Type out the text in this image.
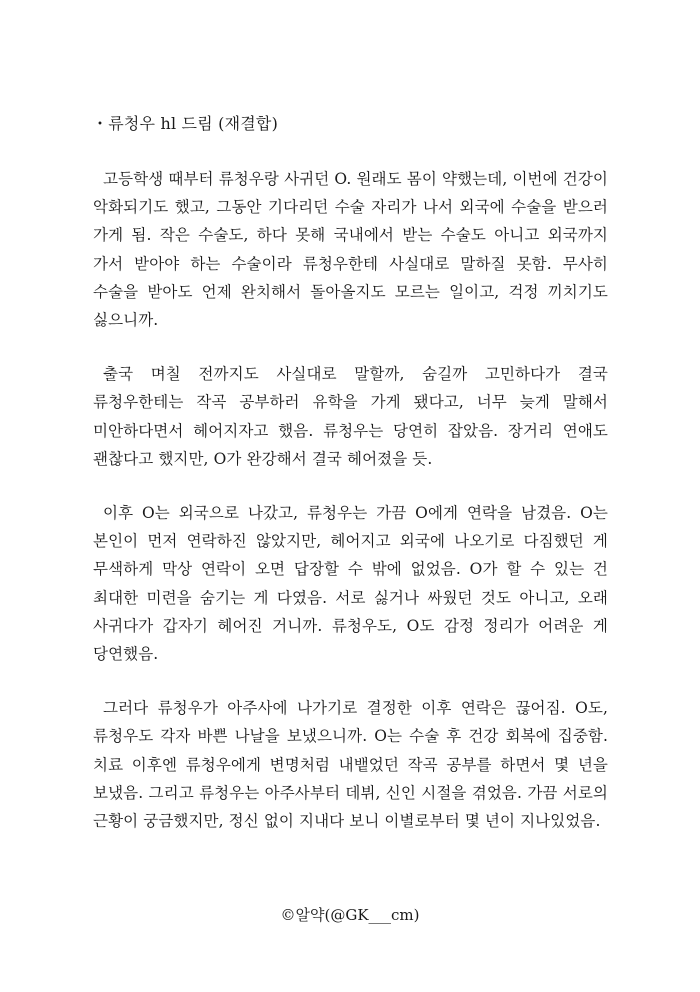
・류청우 hl 드림 (재결합)

고등학생 때부터 류청우랑 사귀던 O. 원래도 몸이 약했는데, 이번에 건강이 악화되기도 했고, 그동안 기다리던 수술 자리가 나서 외국에 수술을 받으러 가게 됨. 작은 수술도, 하다 못해 국내에서 받는 수술도 아니고 외국까지 가서 받아야 하는 수술이라 류청우한테 사실대로 말하질 못함. 무사히 수술을 받아도 언제 완치해서 돌아올지도 모르는 일이고, 걱정 끼치기도 싫으니까.

출국 며칠 전까지도 사실대로 말할까, 숨길까 고민하다가 결국 류청우한테는 작곡 공부하러 유학을 가게 됐다고, 너무 늦게 말해서 미안하다면서 헤어지자고 했음. 류청우는 당연히 잡았음. 장거리 연애도 괜찮다고 했지만, O가 완강해서 결국 헤어졌을 듯.

이후 O는 외국으로 나갔고, 류청우는 가끔 O에게 연락을 남겼음. O는 본인이 먼저 연락하진 않았지만, 헤어지고 외국에 나오기로 다짐했던 게 무색하게 막상 연락이 오면 답장할 수 밖에 없었음. O가 할 수 있는 건 최대한 미련을 숨기는 게 다였음. 서로 싫거나 싸웠던 것도 아니고, 오래 사귀다가 갑자기 헤어진 거니까. 류청우도, O도 감정 정리가 어려운 게 당연했음.

그러다 류청우가 아주사에 나가기로 결정한 이후 연락은 끊어짐. O도, 류청우도 각자 바쁜 나날을 보냈으니까. O는 수술 후 건강 회복에 집중함. 치료 이후엔 류청우에게 변명처럼 내뱉었던 작곡 공부를 하면서 몇 년을 보냈음. 그리고 류청우는 아주사부터 데뷔, 신인 시절을 겪었음. 가끔 서로의 근황이 궁금했지만, 정신 없이 지내다 보니 이별로부터 몇 년이 지나있었음.

©알약(@GK___cm)
